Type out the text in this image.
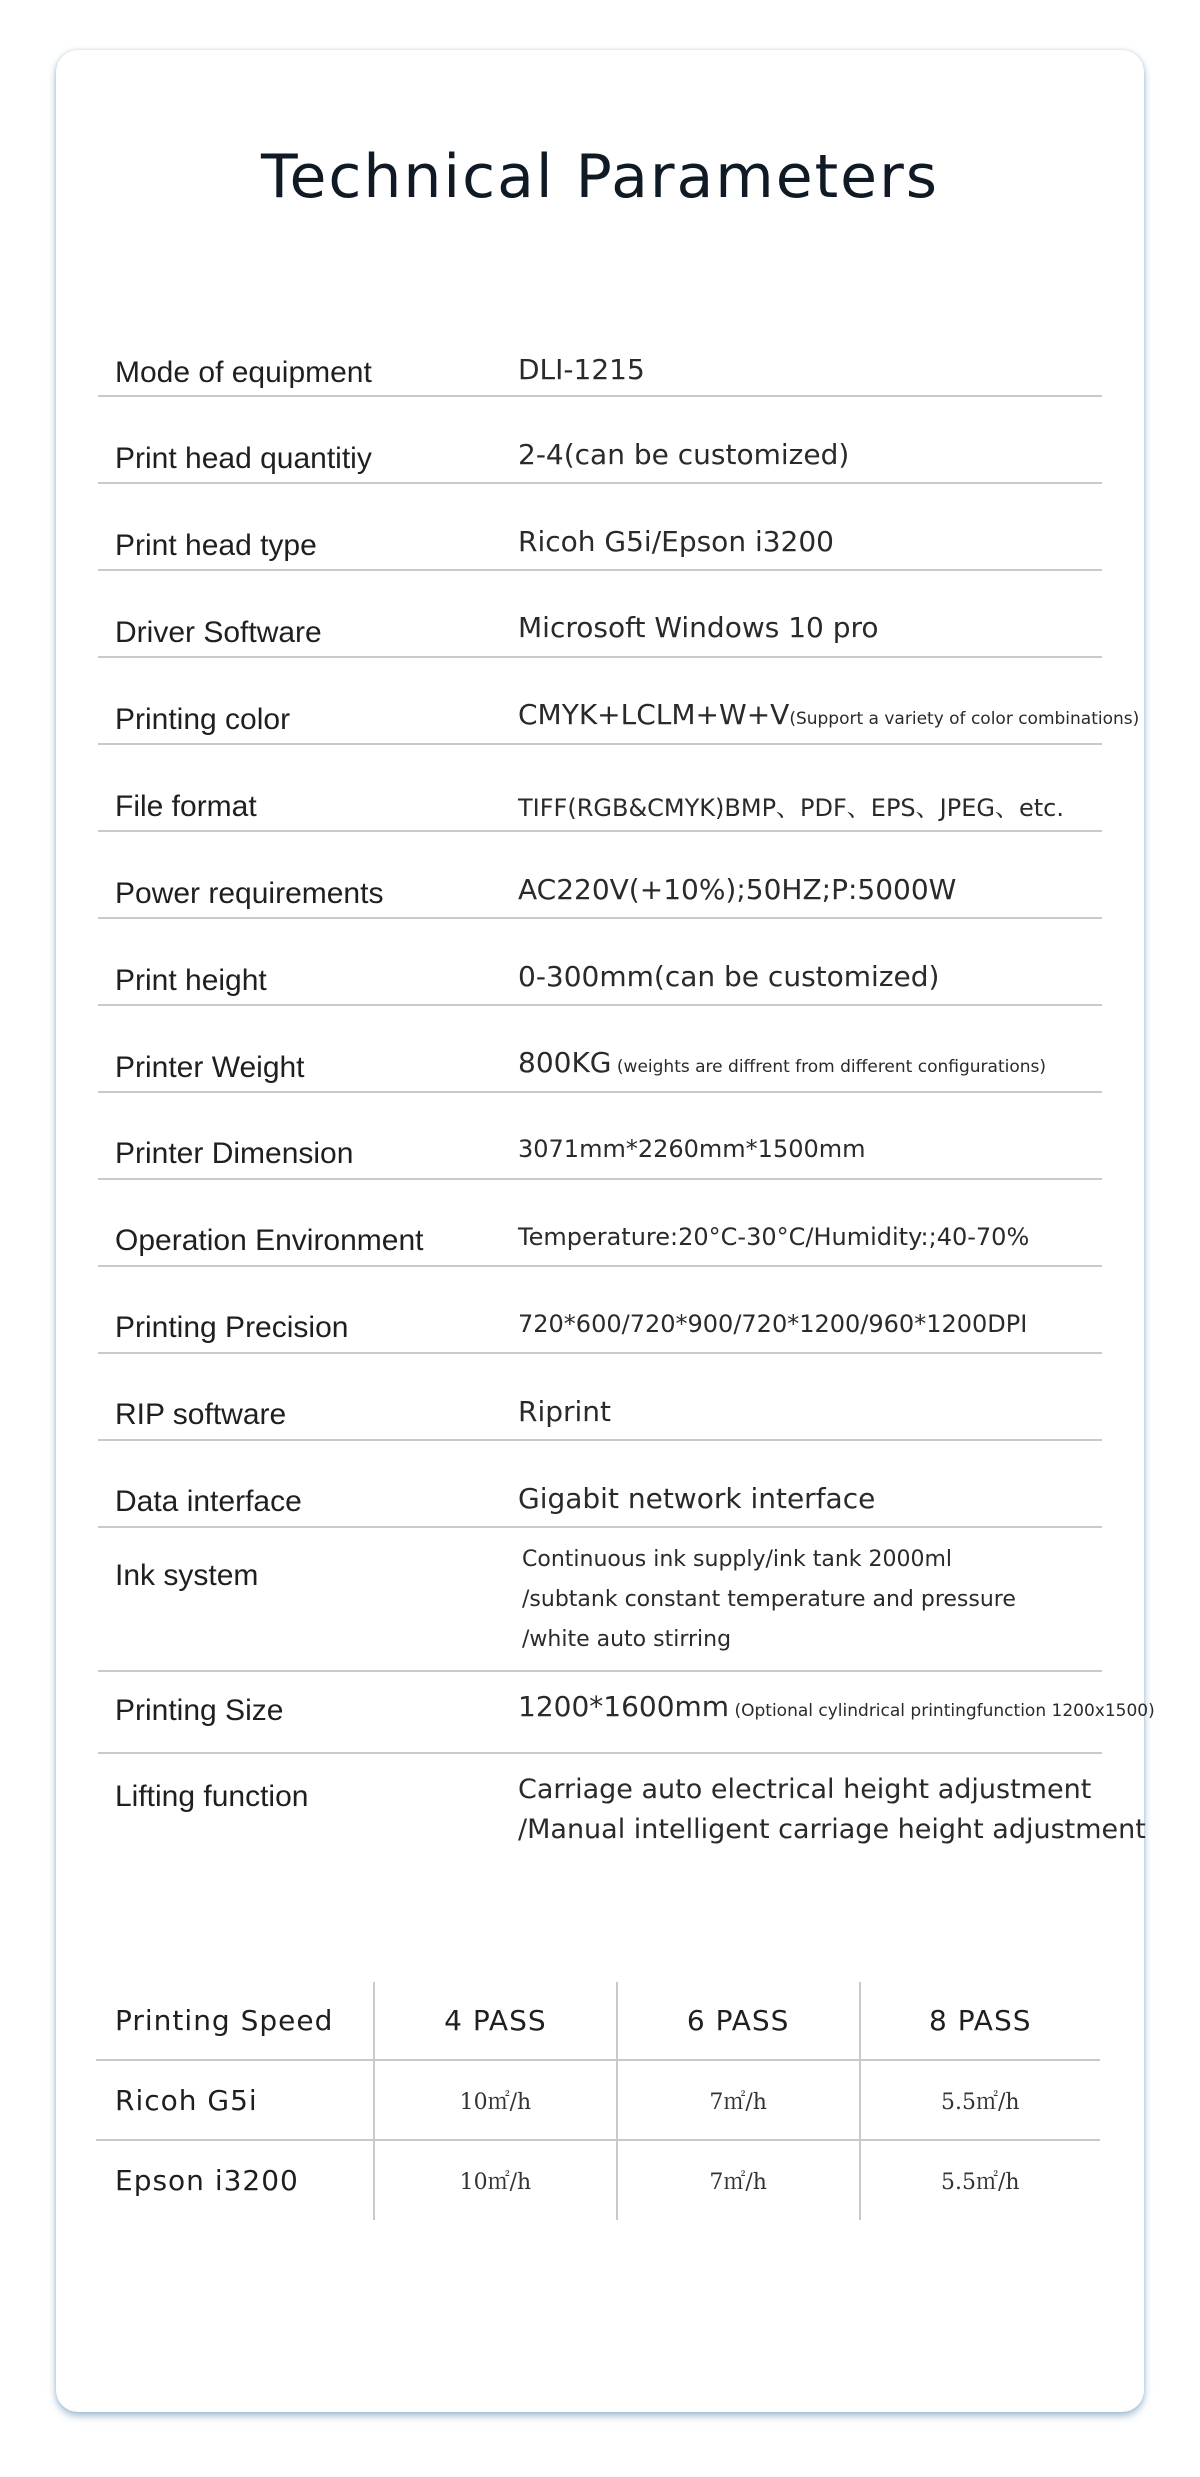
Technical Parameters
Mode of equipment	DLI-1215
Print head quantitiy	2-4(can be customized)
Print head type	Ricoh G5i/Epson i3200
Driver Software	Microsoft Windows 10 pro
Printing color	CMYK+LCLM+W+V(Support a variety of color combinations)
File format	TIFF(RGB&CMYK)BMP、PDF、EPS、JPEG、etc.
Power requirements	AC220V(+10%);50HZ;P:5000W
Print height	0-300mm(can be customized)
Printer Weight	800KG (weights are diffrent from different configurations)
Printer Dimension	3071mm*2260mm*1500mm
Operation Environment	Temperature:20°C-30°C/Humidity:;40-70%
Printing Precision	720*600/720*900/720*1200/960*1200DPI
RIP software	Riprint
Data interface	Gigabit network interface
Ink system	Continuous ink supply/ink tank 2000ml
/subtank constant temperature and pressure
/white auto stirring
Printing Size	1200*1600mm (Optional cylindrical printingfunction 1200x1500)
Lifting function	Carriage auto electrical height adjustment
/Manual intelligent carriage height adjustment
Printing Speed	4 PASS	6 PASS	8 PASS
Ricoh G5i	10㎡/h	7㎡/h	5.5㎡/h
Epson i3200	10㎡/h	7㎡/h	5.5㎡/h
